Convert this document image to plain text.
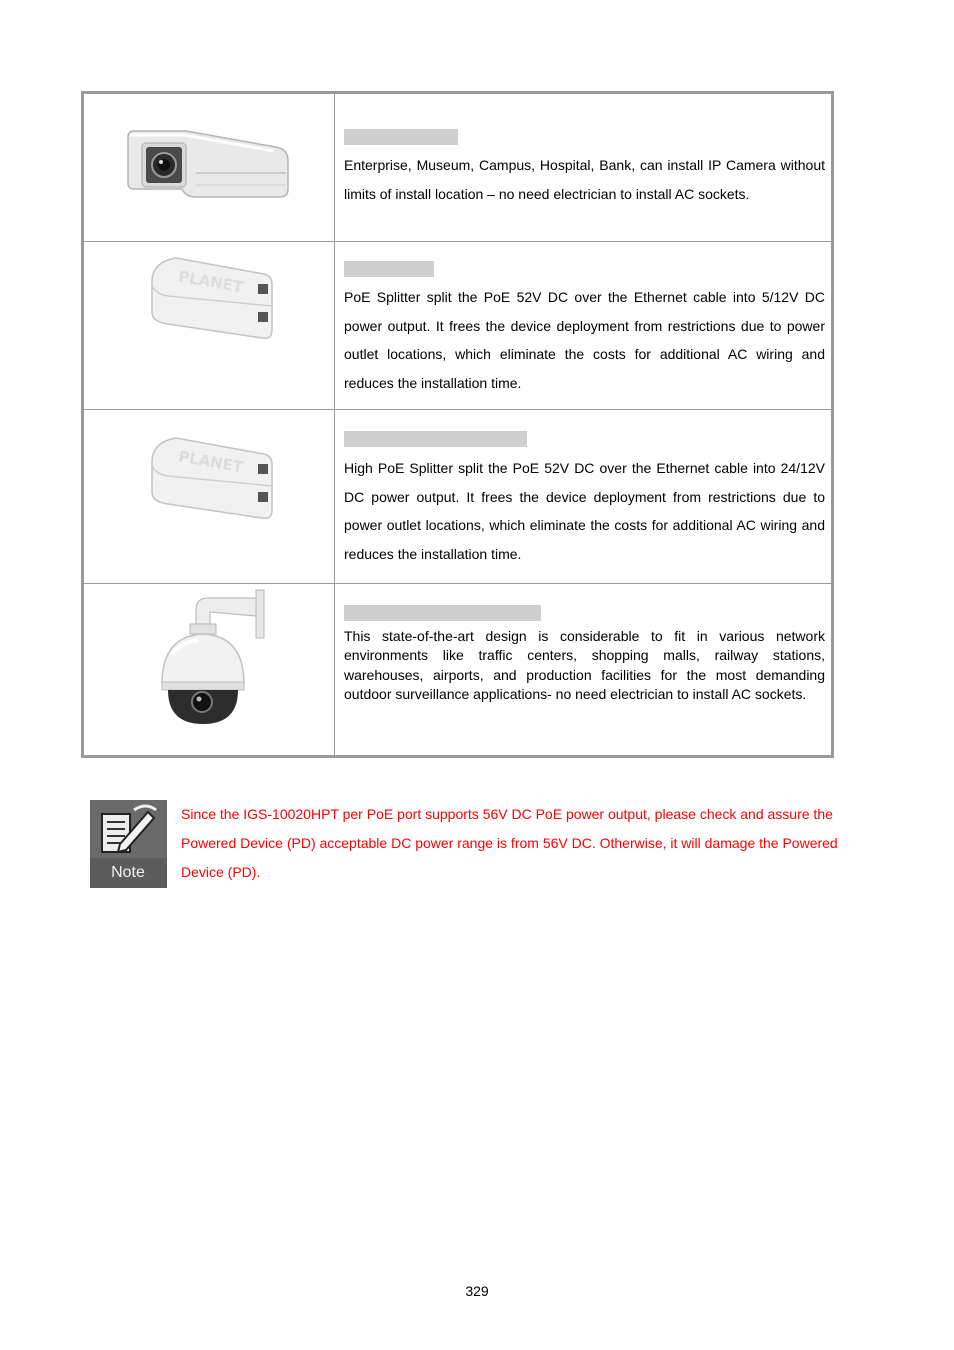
Enterprise, Museum, Campus, Hospital, Bank, can install IP Camera without limits of install location – no need electrician to install AC sockets.

PLANET

PoE Splitter split the PoE 52V DC over the Ethernet cable into 5/12V DC power output. It frees the device deployment from restrictions due to power outlet locations, which eliminate the costs for additional AC wiring and reduces the installation time.

PLANET	High PoE Splitter split the PoE 52V DC over the Ethernet cable into 24/12V DC power output. It frees the device deployment from restrictions due to power outlet locations, which eliminate the costs for additional AC wiring and reduces the installation time.

This state-of-the-art design is considerable to fit in various network environments like traffic centers, shopping malls, railway stations, warehouses, airports, and production facilities for the most demanding outdoor surveillance applications- no need electrician to install AC sockets.

Note

Since the IGS-10020HPT per PoE port supports 56V DC PoE power output, please check and assure the Powered Device (PD) acceptable DC power range is from 56V DC. Otherwise, it will damage the Powered Device (PD).

329
